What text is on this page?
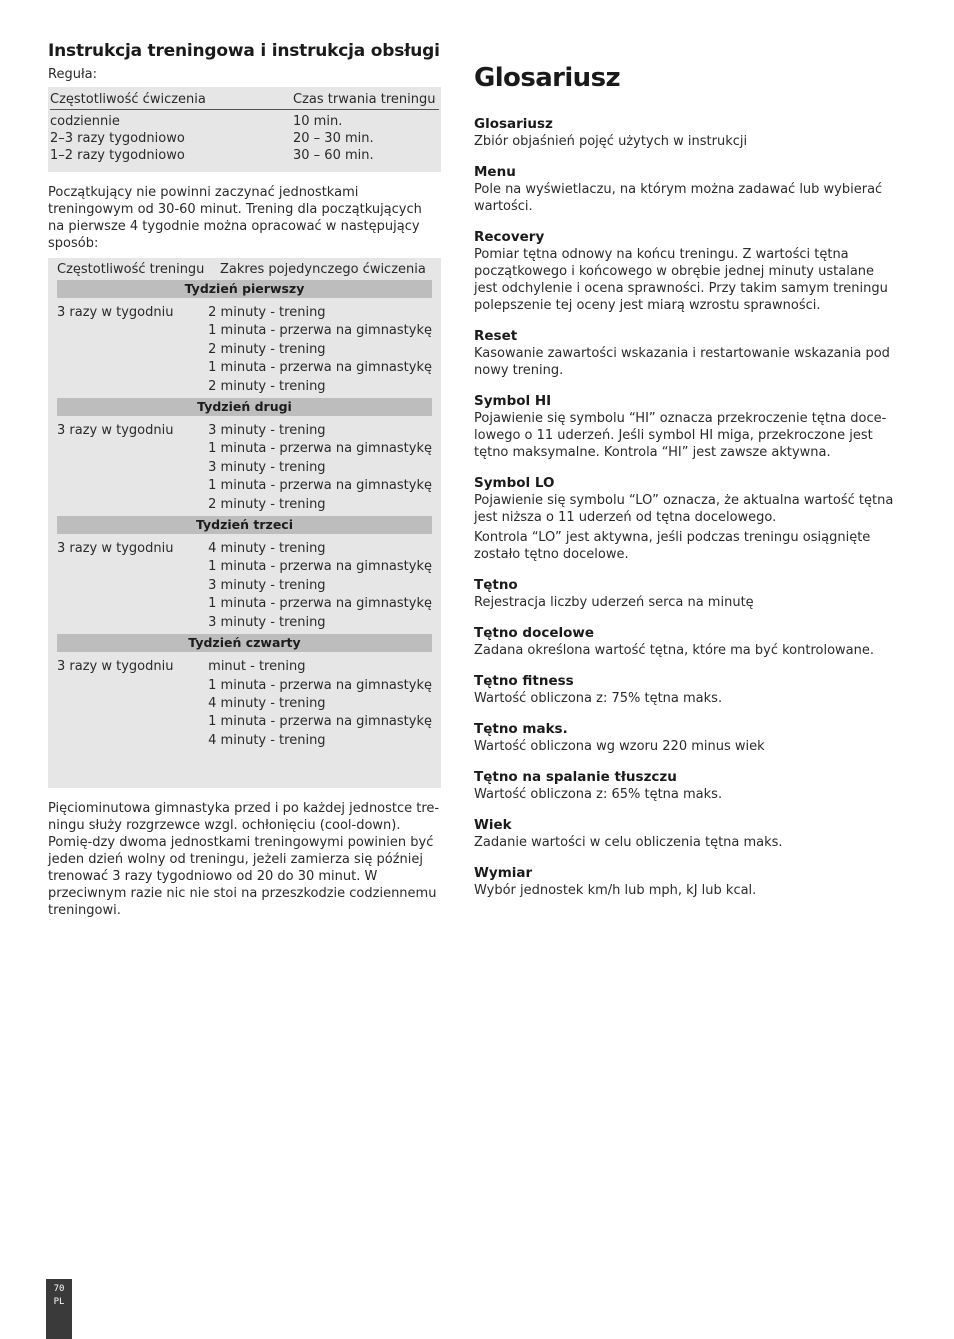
Instrukcja treningowa i instrukcja obsługi
Reguła:
Częstotliwość ćwiczenia	Czas trwania treningu
codziennie	10 min.
2–3 razy tygodniowo	20 – 30 min.
1–2 razy tygodniowo	30 – 60 min.
Początkujący nie powinni zaczynać jednostkami treningowym od 30-60 minut. Trening dla początkujących na pierwsze 4 tygodnie można opracować w następujący sposób:
Częstotliwość treningu	Zakres pojedynczego ćwiczenia
Tydzień pierwszy
3 razy w tygodniu	2 minuty - trening
1 minuta - przerwa na gimnastykę
2 minuty - trening
1 minuta - przerwa na gimnastykę
2 minuty - trening
Tydzień drugi
3 razy w tygodniu	3 minuty - trening
1 minuta - przerwa na gimnastykę
3 minuty - trening
1 minuta - przerwa na gimnastykę
2 minuty - trening
Tydzień trzeci
3 razy w tygodniu	4 minuty - trening
1 minuta - przerwa na gimnastykę
3 minuty - trening
1 minuta - przerwa na gimnastykę
3 minuty - trening
Tydzień czwarty
3 razy w tygodniu	minut - trening
1 minuta - przerwa na gimnastykę
4 minuty - trening
1 minuta - przerwa na gimnastykę
4 minuty - trening
Pięciominutowa gimnastyka przed i po każdej jednostce tre-ningu służy rozgrzewce wzgl. ochłonięciu (cool-down). Pomię-dzy dwoma jednostkami treningowymi powinien być jeden dzień wolny od treningu, jeżeli zamierza się później trenować 3 razy tygodniowo od 20 do 30 minut. W przeciwnym razie nic nie stoi na przeszkodzie codziennemu treningowi.
Glosariusz
Glosariusz
Zbiór objaśnień pojęć użytych w instrukcji
Menu
Pole na wyświetlaczu, na którym można zadawać lub wybierać wartości.
Recovery
Pomiar tętna odnowy na końcu treningu. Z wartości tętna początkowego i końcowego w obrębie jednej minuty ustalane jest odchylenie i ocena sprawności. Przy takim samym treningu polepszenie tej oceny jest miarą wzrostu sprawności.
Reset
Kasowanie zawartości wskazania i restartowanie wskazania pod nowy trening.
Symbol HI
Pojawienie się symbolu “HI” oznacza przekroczenie tętna doce-lowego o 11 uderzeń. Jeśli symbol HI miga, przekroczone jest tętno maksymalne. Kontrola “HI” jest zawsze aktywna.
Symbol LO
Pojawienie się symbolu “LO” oznacza, że aktualna wartość tętna jest niższa o 11 uderzeń od tętna docelowego.
Kontrola “LO” jest aktywna, jeśli podczas treningu osiągnięte zostało tętno docelowe.
Tętno
Rejestracja liczby uderzeń serca na minutę
Tętno docelowe
Zadana określona wartość tętna, które ma być kontrolowane.
Tętno fitness
Wartość obliczona z: 75% tętna maks.
Tętno maks.
Wartość obliczona wg wzoru 220 minus wiek
Tętno na spalanie tłuszczu
Wartość obliczona z: 65% tętna maks.
Wiek
Zadanie wartości w celu obliczenia tętna maks.
Wymiar
Wybór jednostek km/h lub mph, kJ lub kcal.
70
PL
